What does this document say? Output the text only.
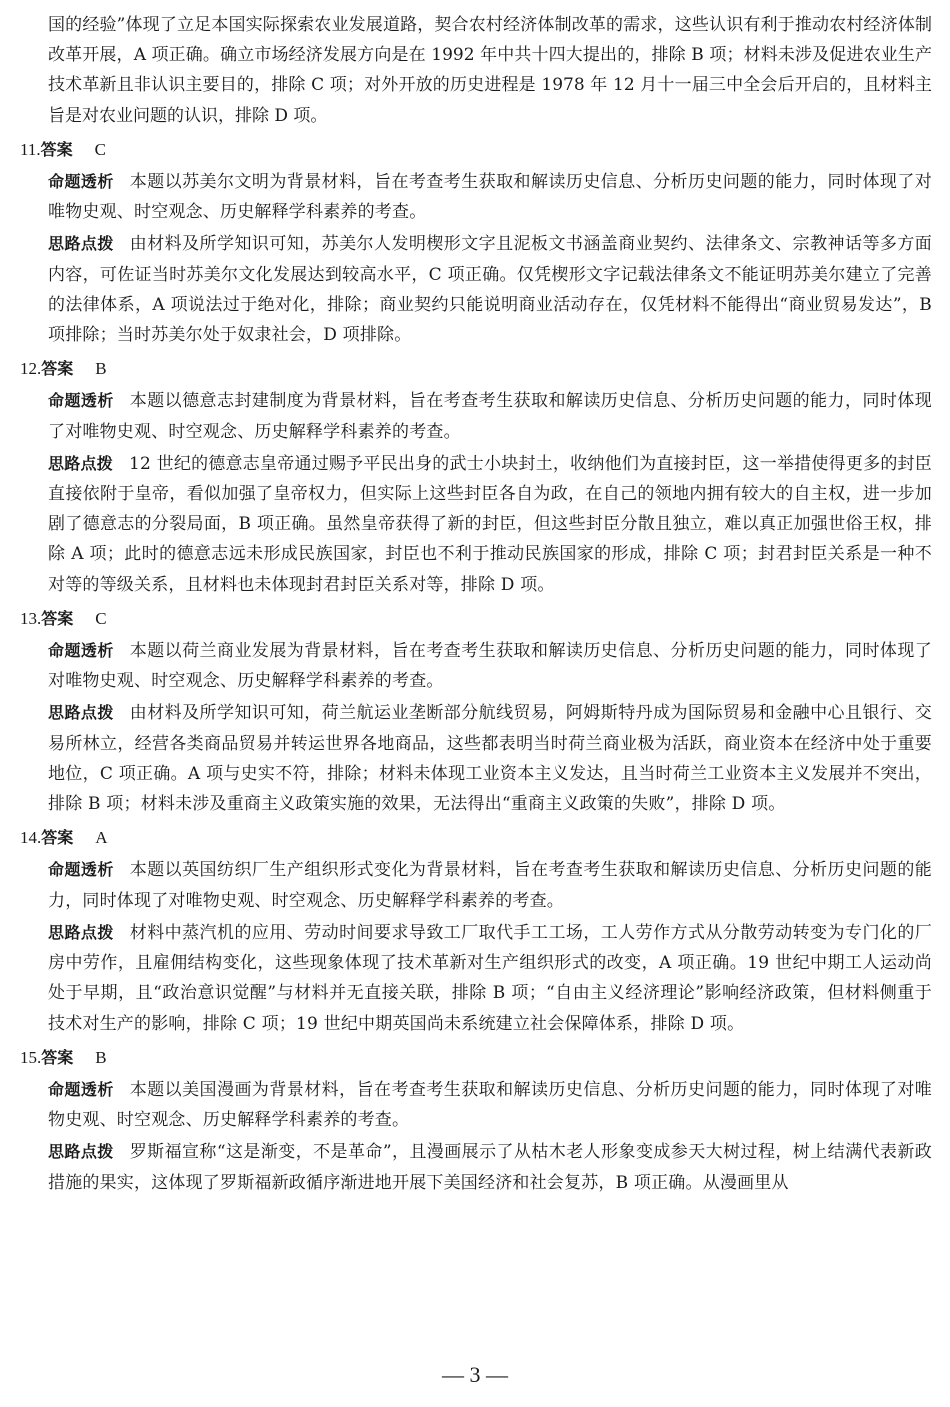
国的经验”体现了立足本国实际探索农业发展道路，契合农村经济体制改革的需求，这些认识有利于推动农村经济体制改革开展，A 项正确。确立市场经济发展方向是在 1992 年中共十四大提出的，排除 B 项；材料未涉及促进农业生产技术革新且非认识主要目的，排除 C 项；对外开放的历史进程是 1978 年 12 月十一届三中全会后开启的，且材料主旨是对农业问题的认识，排除 D 项。

11. 答案 C

命题透析 本题以苏美尔文明为背景材料，旨在考查考生获取和解读历史信息、分析历史问题的能力，同时体现了对唯物史观、时空观念、历史解释学科素养的考查。

思路点拨 由材料及所学知识可知，苏美尔人发明楔形文字且泥板文书涵盖商业契约、法律条文、宗教神话等多方面内容，可佐证当时苏美尔文化发展达到较高水平，C 项正确。仅凭楔形文字记载法律条文不能证明苏美尔建立了完善的法律体系，A 项说法过于绝对化，排除；商业契约只能说明商业活动存在，仅凭材料不能得出“商业贸易发达”，B 项排除；当时苏美尔处于奴隶社会，D 项排除。

12. 答案 B

命题透析 本题以德意志封建制度为背景材料，旨在考查考生获取和解读历史信息、分析历史问题的能力，同时体现了对唯物史观、时空观念、历史解释学科素养的考查。

思路点拨 12 世纪的德意志皇帝通过赐予平民出身的武士小块封土，收纳他们为直接封臣，这一举措使得更多的封臣直接依附于皇帝，看似加强了皇帝权力，但实际上这些封臣各自为政，在自己的领地内拥有较大的自主权，进一步加剧了德意志的分裂局面，B 项正确。虽然皇帝获得了新的封臣，但这些封臣分散且独立，难以真正加强世俗王权，排除 A 项；此时的德意志远未形成民族国家，封臣也不利于推动民族国家的形成，排除 C 项；封君封臣关系是一种不对等的等级关系，且材料也未体现封君封臣关系对等，排除 D 项。

13. 答案 C

命题透析 本题以荷兰商业发展为背景材料，旨在考查考生获取和解读历史信息、分析历史问题的能力，同时体现了对唯物史观、时空观念、历史解释学科素养的考查。

思路点拨 由材料及所学知识可知，荷兰航运业垄断部分航线贸易，阿姆斯特丹成为国际贸易和金融中心且银行、交易所林立，经营各类商品贸易并转运世界各地商品，这些都表明当时荷兰商业极为活跃，商业资本在经济中处于重要地位，C 项正确。A 项与史实不符，排除；材料未体现工业资本主义发达，且当时荷兰工业资本主义发展并不突出，排除 B 项；材料未涉及重商主义政策实施的效果，无法得出“重商主义政策的失败”，排除 D 项。

14. 答案 A

命题透析 本题以英国纺织厂生产组织形式变化为背景材料，旨在考查考生获取和解读历史信息、分析历史问题的能力，同时体现了对唯物史观、时空观念、历史解释学科素养的考查。

思路点拨 材料中蒸汽机的应用、劳动时间要求导致工厂取代手工工场，工人劳作方式从分散劳动转变为专门化的厂房中劳作，且雇佣结构变化，这些现象体现了技术革新对生产组织形式的改变，A 项正确。19 世纪中期工人运动尚处于早期，且“政治意识觉醒”与材料并无直接关联，排除 B 项；“自由主义经济理论”影响经济政策，但材料侧重于技术对生产的影响，排除 C 项；19 世纪中期英国尚未系统建立社会保障体系，排除 D 项。

15. 答案 B

命题透析 本题以美国漫画为背景材料，旨在考查考生获取和解读历史信息、分析历史问题的能力，同时体现了对唯物史观、时空观念、历史解释学科素养的考查。

思路点拨 罗斯福宣称“这是渐变，不是革命”，且漫画展示了从枯木老人形象变成参天大树过程，树上结满代表新政措施的果实，这体现了罗斯福新政循序渐进地开展下美国经济和社会复苏，B 项正确。从漫画里从

— 3 —
